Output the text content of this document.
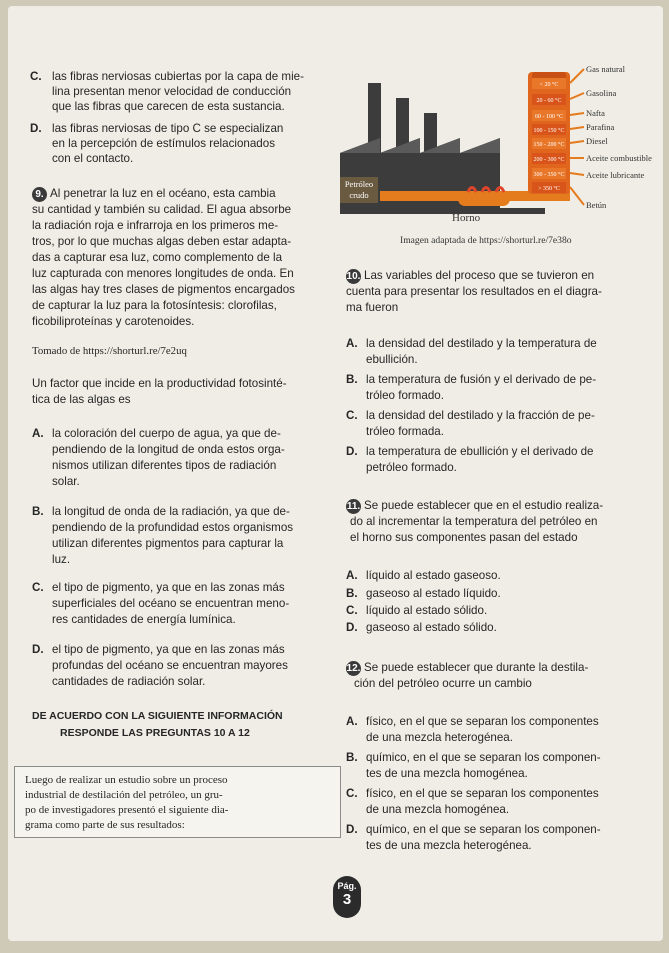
C. las fibras nerviosas cubiertas por la capa de mie-
lina presentan menor velocidad de conducción
que las fibras que carecen de esta sustancia.
D. las fibras nerviosas de tipo C se especializan
en la percepción de estímulos relacionados
con el contacto.
9. Al penetrar la luz en el océano, esta cambia
su cantidad y también su calidad. El agua absorbe
la radiación roja e infrarroja en los primeros me-
tros, por lo que muchas algas deben estar adapta-
das a capturar esa luz, como complemento de la
luz capturada con menores longitudes de onda. En
las algas hay tres clases de pigmentos encargados
de capturar la luz para la fotosíntesis: clorofilas,
ficobiliproteínas y carotenoides.
Tomado de https://shorturl.re/7e2uq
Un factor que incide en la productividad fotosinté-
tica de las algas es
A. la coloración del cuerpo de agua, ya que de-
pendiendo de la longitud de onda estos orga-
nismos utilizan diferentes tipos de radiación
solar.
B. la longitud de onda de la radiación, ya que de-
pendiendo de la profundidad estos organismos
utilizan diferentes pigmentos para capturar la
luz.
C. el tipo de pigmento, ya que en las zonas más
superficiales del océano se encuentran meno-
res cantidades de energía lumínica.
D. el tipo de pigmento, ya que en las zonas más
profundas del océano se encuentran mayores
cantidades de radiación solar.
DE ACUERDO CON LA SIGUIENTE INFORMACIÓN
RESPONDE LAS PREGUNTAS 10 A 12
Luego de realizar un estudio sobre un proceso
industrial de destilación del petróleo, un gru-
po de investigadores presentó el siguiente dia-
grama como parte de sus resultados:
Petróleo
crudo
Horno
< 20 °C
20 - 60 °C
60 - 100 °C
100 - 150 °C
150 - 200 °C
200 - 300 °C
300 - 350 °C
> 350 °C
Gas natural
Gasolina
Nafta
Parafina
Diesel
Aceite combustible
Aceite lubricante
Betún
Imagen adaptada de https://shorturl.re/7e38o
10. Las variables del proceso que se tuvieron en
cuenta para presentar los resultados en el diagra-
ma fueron
A. la densidad del destilado y la temperatura de
ebullición.
B. la temperatura de fusión y el derivado de pe-
tróleo formado.
C. la densidad del destilado y la fracción de pe-
tróleo formada.
D. la temperatura de ebullición y el derivado de
petróleo formado.
11. Se puede establecer que en el estudio realiza-
do al incrementar la temperatura del petróleo en
el horno sus componentes pasan del estado
A. líquido al estado gaseoso.
B. gaseoso al estado líquido.
C. líquido al estado sólido.
D. gaseoso al estado sólido.
12. Se puede establecer que durante la destila-
ción del petróleo ocurre un cambio
A. físico, en el que se separan los componentes
de una mezcla heterogénea.
B. químico, en el que se separan los componen-
tes de una mezcla homogénea.
C. físico, en el que se separan los componentes
de una mezcla homogénea.
D. químico, en el que se separan los componen-
tes de una mezcla heterogénea.
Pág.
3
